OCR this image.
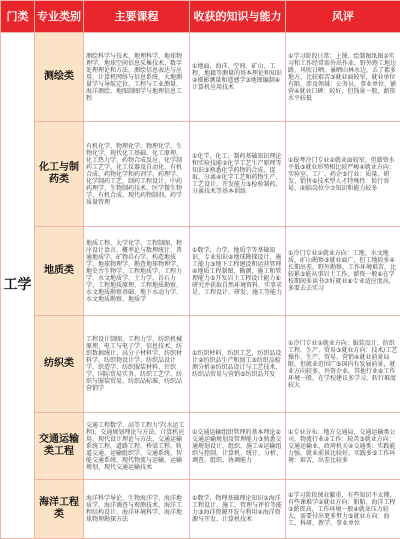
门类	专业类别	主要课程	收获的知识与能力	风评
工学	测绘类	测绘科学与技术、地理科学、地球物理学、地球空间信息采集技术、数字处理理论和方法、测绘信息表达与应用、计算机网络与信息系统、大地测量学与导航定位、工程与工业测量、海洋测绘、地图制图学与地理信息工程	①地面、海洋、空间、矿山、工程、地籍等测量的基本理论和知识②摄影测量和遥感学③地图编制④计算机应用技术	①学习阶段日常：上课、绘制图纸图②实习和工作经常需外出作业，野外跑工地边路，风吹日晒，暴晒山林水边，去了都多地方，比较艰苦③就业面较窄，就业单位有限，涉及领域：公务员、事业单位、铺营④就业口碑：较好，但钱景一般，薪资水平较低
	化工与制药类	有机化学、物理化学、物理化学、生物化学、现代化工基础、化工原理、化工热力学、药物合成反应、化学制药工艺学、化工仪器及自动化、有机合成、药物化学和药剂学、药理学、化学制药工艺、制药工程设计、中药药理学、生物制药技术、医学微生物学、有机合成、现代药物制剂、药学质量管理	①化学、化工、制药基础知识理论和实验技能②化学工艺生产原理等知识③熟悉化学药物的合成、提取、分离④化学工艺和药物生产、工艺设计、开发能力⑤检验制药、分离技术等基本训练	①报考冷门专业②就业面较窄，但薪资水平低③就业形势相比较严峻④就业方向：实验室、工厂、药企⑤行业：质量、研发、销售⑥技术型人才特殊性：转行容易、面临岗位少⑦知识和能力较多
	地质类	地质工程、大学化学、工程制图、程序设计语言、概率论与数理统计、普通地质学、矿物岩石学、构造地质学、地球物理学、勘查地球物理学、地史古生物学、工程地质学、工程力学、水文地质学、土力学、岩石力学、工程地质原理、工程地质勘察、水文地质勘察基础、地下水动力学、水文地质勘察、地质学	①数学、力学、地质学等基础知识，专业知识②地球勘探设计、施工能力③地下工程建设和运营管理④地质工程制图、勘测、施工和管理能力⑤开发岩土工程设计能力⑥研究并获取自然环境资料、实事求是、工程设计、研发、施工等能力	①冷门专业②就业方向：工地、水文地质、矿山勘察③就业面广，但工地较多④长期出差，野外勘察，工作环境艰苦，比较累⑤能从事岩土工作，薪资一般⑥在学校期间多读书⑦好就业⑧专业适应度高，多要去去实习
	纺织类	工程设计制图、工程力学、纺织机械原理、电工与电子学、信息技术、纺织数据统计、高分子材料学、纺织材料学、纺织物设计学、纺织品设计学、织造学、纺织服装材料、针织学、国际贸易实务、纺织工艺学、纺织与服装贸易、纺织品标准、纺织品营销学	①纺织材料、纺织工艺、纺织品设计②纺织品生产和加工③纺织品检测分析④纺织品设计与工艺技术、纺织品贸易与营销⑤纺织品开发	①冷门专业②就业方向：服装设计、纺织工程、生产、贸易③就业方向：技术/工艺操作、生产、贸易、营销④就业前景局限，但就业范围广⑤国内有发展前景，就业方向较多，外资企业，其他行业⑥工作环境一般，在学校建议多学习，转行难度较大
	交通运输类工程	交通工程数学、高等工程力学(水运工程)、交通规划理论与方法、计算机应用、现代设计理论与方法、交通运输系统工程、道路工程、桥梁工程、轨道交通、运输组织学、交通系统、智能交通系统、现代物流与运输、运输规划、现代交通运输技术	①交通运输组织管理的基本理论②交通运输规划及管理能力③熟悉交通规划设计、组织、施工④运输组织与控制、计算机、统计、分析、调查、组织、协调能力	①专业分布：地方交通局，交通运输类公司，物流行业②工作：较苦③就业方向：交通运输业、政府机关④交通类：实践能力强，就业前景比较好，实践多⑤工作环境：艰苦，出差比较多
	海洋工程类	海洋科学导论、生物海洋学、海洋地质学、海洋调查与观测技术、海洋工程结构设计、海洋环境科学、海洋地球物理勘探方法	①数学、物理基础理论知识②海洋工程设计、施工、管理与评价等能力③海洋资源开发与利用④海洋资源与开发、计算机技术	①学习阶段课业繁重，有些知识不太懂，有些课难学②就业方向：船舶、海洋工程③薪资高，工作环境一般④就业压力较大，需要付出更多努力⑤就业方向：海工、科研、教学、事业单位
